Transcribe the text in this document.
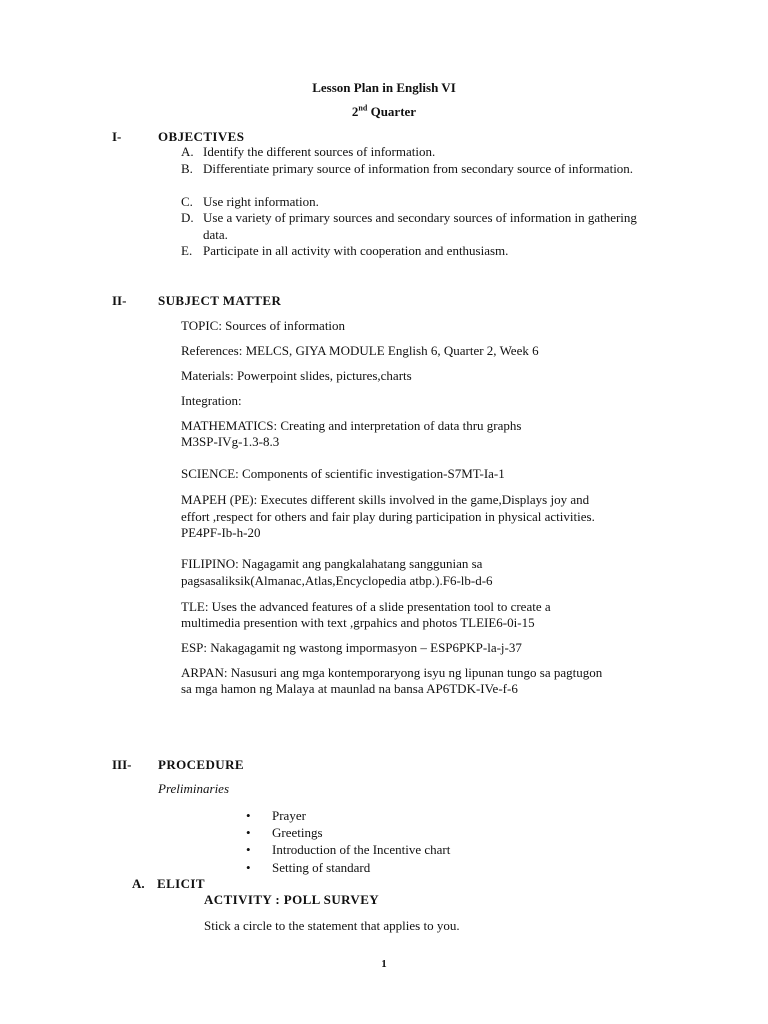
Lesson Plan in English VI
2nd Quarter
I-	OBJECTIVES
A. Identify the different sources of information.
B. Differentiate primary source of information from secondary source of information.
C. Use right information.
D. Use a variety of primary sources and secondary sources of information in gathering data.
E. Participate in all activity with cooperation and enthusiasm.
II- SUBJECT MATTER
TOPIC: Sources of information
References: MELCS, GIYA MODULE English 6, Quarter 2, Week 6
Materials: Powerpoint slides, pictures,charts
Integration:
MATHEMATICS: Creating and interpretation of data thru graphs
M3SP-IVg-1.3-8.3
SCIENCE: Components of scientific investigation-S7MT-Ia-1
MAPEH (PE): Executes different skills involved in the game,Displays joy and
effort ,respect for others and fair play during participation in physical activities.
PE4PF-Ib-h-20
FILIPINO: Nagagamit ang pangkalahatang sanggunian sa
pagsasaliksik(Almanac,Atlas,Encyclopedia atbp.).F6-lb-d-6
TLE: Uses the advanced features of a slide presentation tool to create a
multimedia presention with text ,grpahics and photos TLEIE6-0i-15
ESP: Nakagagamit ng wastong impormasyon – ESP6PKP-la-j-37
ARPAN: Nasusuri ang mga kontemporaryong isyu ng lipunan tungo sa pagtugon
sa mga hamon ng Malaya at maunlad na bansa AP6TDK-IVe-f-6
III- PROCEDURE
Preliminaries
• Prayer
• Greetings
• Introduction of the Incentive chart
• Setting of standard
A. ELICIT
ACTIVITY : POLL SURVEY
Stick a circle to the statement that applies to you.
1
